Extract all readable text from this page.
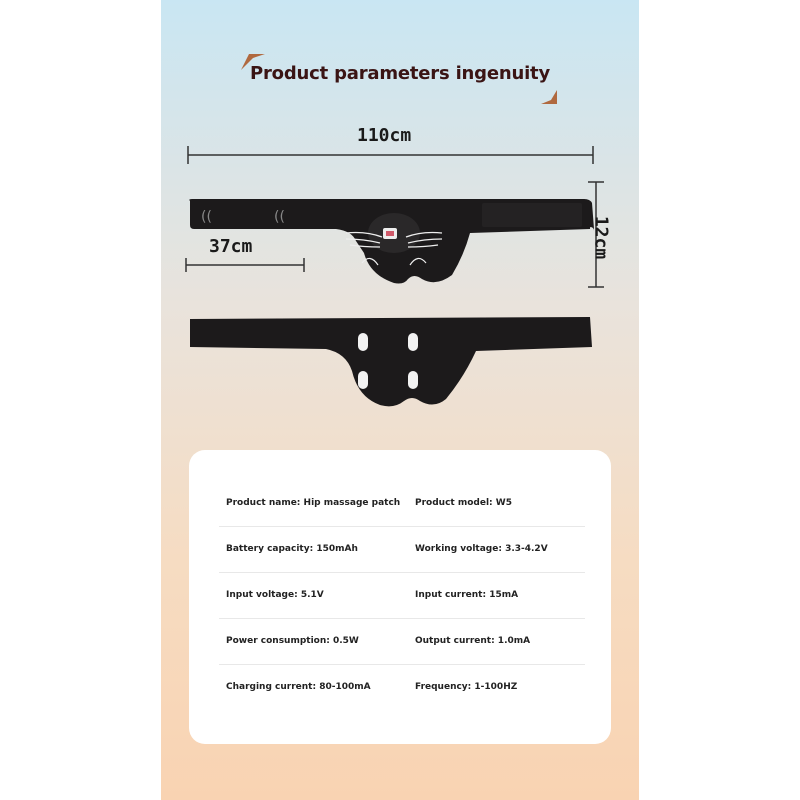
Product parameters ingenuity
110cm
12cm
37cm
((	((
Product name: Hip massage patch Product model: W5
Battery capacity: 150mAh	Working voltage: 3.3-4.2V
Input voltage: 5.1V	Input current: 15mA
Power consumption: 0.5W	Output current: 1.0mA
Charging current: 80-100mA	Frequency: 1-100HZ
